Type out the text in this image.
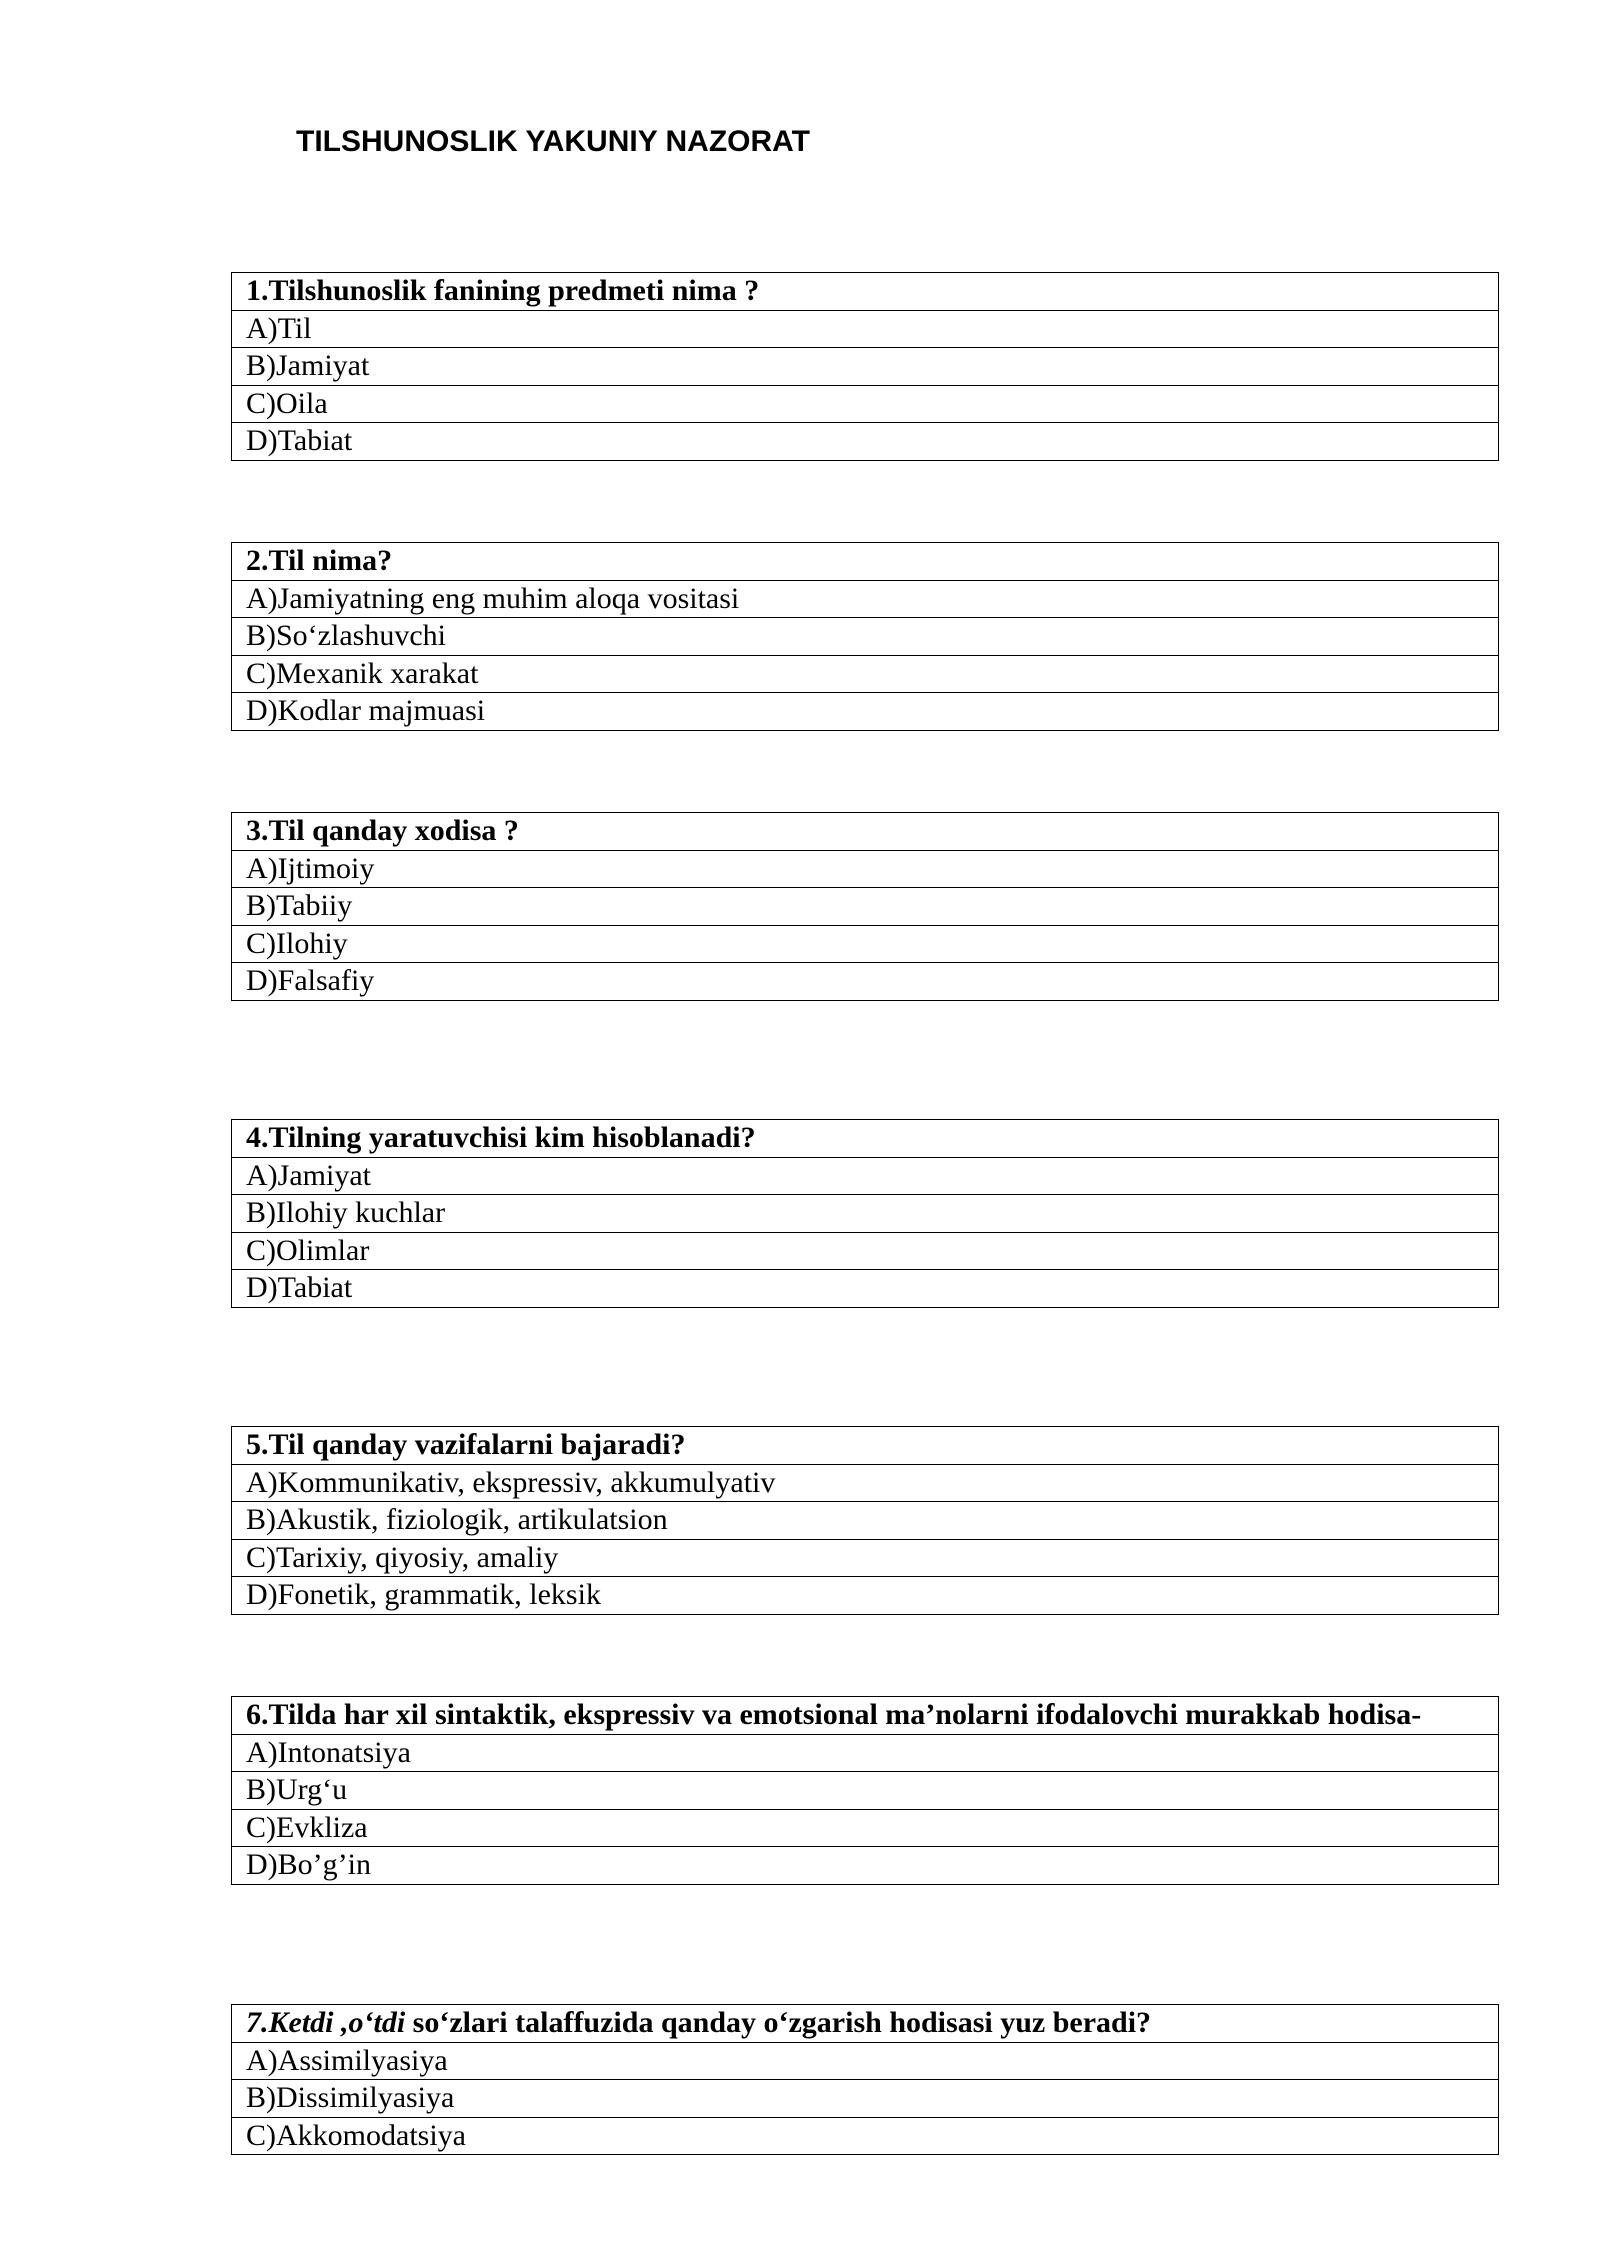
TILSHUNOSLIK YAKUNIY NAZORAT
1.Tilshunoslik fanining predmeti nima ?
A)Til
B)Jamiyat
C)Oila
D)Tabiat
2.Til nima?
A)Jamiyatning eng muhim aloqa vositasi
B)So‘zlashuvchi
C)Mexanik xarakat
D)Kodlar majmuasi
3.Til qanday xodisa ?
A)Ijtimoiy
B)Tabiiy
C)Ilohiy
D)Falsafiy
4.Tilning yaratuvchisi kim hisoblanadi?
A)Jamiyat
B)Ilohiy kuchlar
C)Olimlar
D)Tabiat
5.Til qanday vazifalarni bajaradi?
A)Kommunikativ, ekspressiv, akkumulyativ
B)Akustik, fiziologik, artikulatsion
C)Tarixiy, qiyosiy, amaliy
D)Fonetik, grammatik, leksik
6.Tilda har xil sintaktik, ekspressiv va emotsional ma’nolarni ifodalovchi murakkab hodisa-
A)Intonatsiya
B)Urg‘u
C)Evkliza
D)Bo’g’in
7.Ketdi ,o‘tdi so‘zlari talaffuzida qanday o‘zgarish hodisasi yuz beradi?
A)Assimilyasiya
B)Dissimilyasiya
C)Akkomodatsiya
